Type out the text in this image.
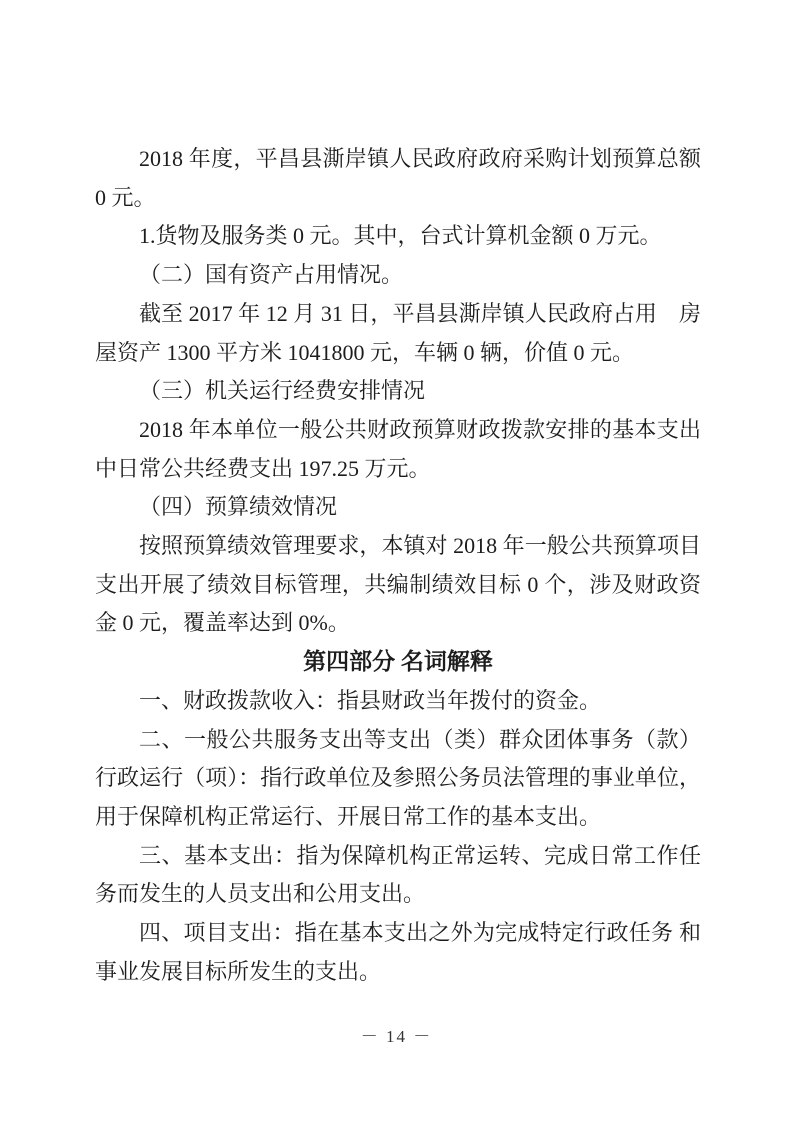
2018 年度，平昌县澌岸镇人民政府政府采购计划预算总额 0 元。

1.货物及服务类 0 元。其中，台式计算机金额 0 万元。

（二）国有资产占用情况。

截至 2017 年 12 月 31 日，平昌县澌岸镇人民政府占用　房屋资产 1300 平方米 1041800 元，车辆 0 辆，价值 0 元。

（三）机关运行经费安排情况

2018 年本单位一般公共财政预算财政拨款安排的基本支出中日常公共经费支出 197.25 万元。

（四）预算绩效情况

按照预算绩效管理要求，本镇对 2018 年一般公共预算项目支出开展了绩效目标管理，共编制绩效目标 0 个，涉及财政资金 0 元，覆盖率达到 0%。

第四部分 名词解释

一、财政拨款收入：指县财政当年拨付的资金。

二、一般公共服务支出等支出（类）群众团体事务（款）行政运行（项）：指行政单位及参照公务员法管理的事业单位，用于保障机构正常运行、开展日常工作的基本支出。

三、基本支出：指为保障机构正常运转、完成日常工作任务而发生的人员支出和公用支出。

四、项目支出：指在基本支出之外为完成特定行政任务 和事业发展目标所发生的支出。

－ 14 －
